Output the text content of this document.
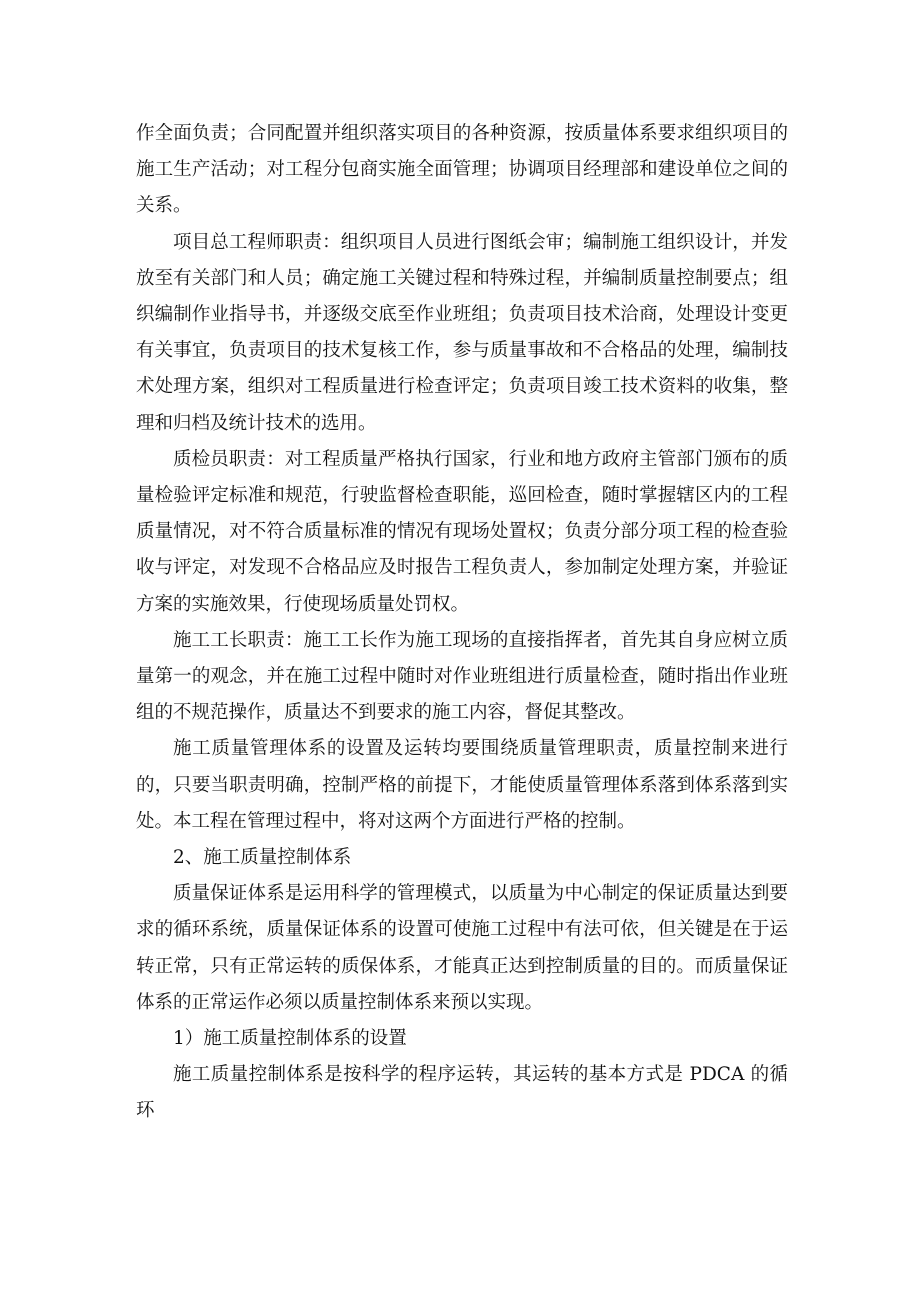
作全面负责；合同配置并组织落实项目的各种资源，按质量体系要求组织项目的施工生产活动；对工程分包商实施全面管理；协调项目经理部和建设单位之间的关系。

项目总工程师职责：组织项目人员进行图纸会审；编制施工组织设计，并发放至有关部门和人员；确定施工关键过程和特殊过程，并编制质量控制要点；组织编制作业指导书，并逐级交底至作业班组；负责项目技术洽商，处理设计变更有关事宜，负责项目的技术复核工作，参与质量事故和不合格品的处理，编制技术处理方案，组织对工程质量进行检查评定；负责项目竣工技术资料的收集，整理和归档及统计技术的选用。

质检员职责：对工程质量严格执行国家，行业和地方政府主管部门颁布的质量检验评定标准和规范，行驶监督检查职能，巡回检查，随时掌握辖区内的工程质量情况，对不符合质量标准的情况有现场处置权；负责分部分项工程的检查验收与评定，对发现不合格品应及时报告工程负责人，参加制定处理方案，并验证方案的实施效果，行使现场质量处罚权。

施工工长职责：施工工长作为施工现场的直接指挥者，首先其自身应树立质量第一的观念，并在施工过程中随时对作业班组进行质量检查，随时指出作业班组的不规范操作，质量达不到要求的施工内容，督促其整改。

施工质量管理体系的设置及运转均要围绕质量管理职责，质量控制来进行的，只要当职责明确，控制严格的前提下，才能使质量管理体系落到体系落到实处。本工程在管理过程中，将对这两个方面进行严格的控制。

2、施工质量控制体系

质量保证体系是运用科学的管理模式，以质量为中心制定的保证质量达到要求的循环系统，质量保证体系的设置可使施工过程中有法可依，但关键是在于运转正常，只有正常运转的质保体系，才能真正达到控制质量的目的。而质量保证体系的正常运作必须以质量控制体系来预以实现。

1）施工质量控制体系的设置

施工质量控制体系是按科学的程序运转，其运转的基本方式是 PDCA 的循环
